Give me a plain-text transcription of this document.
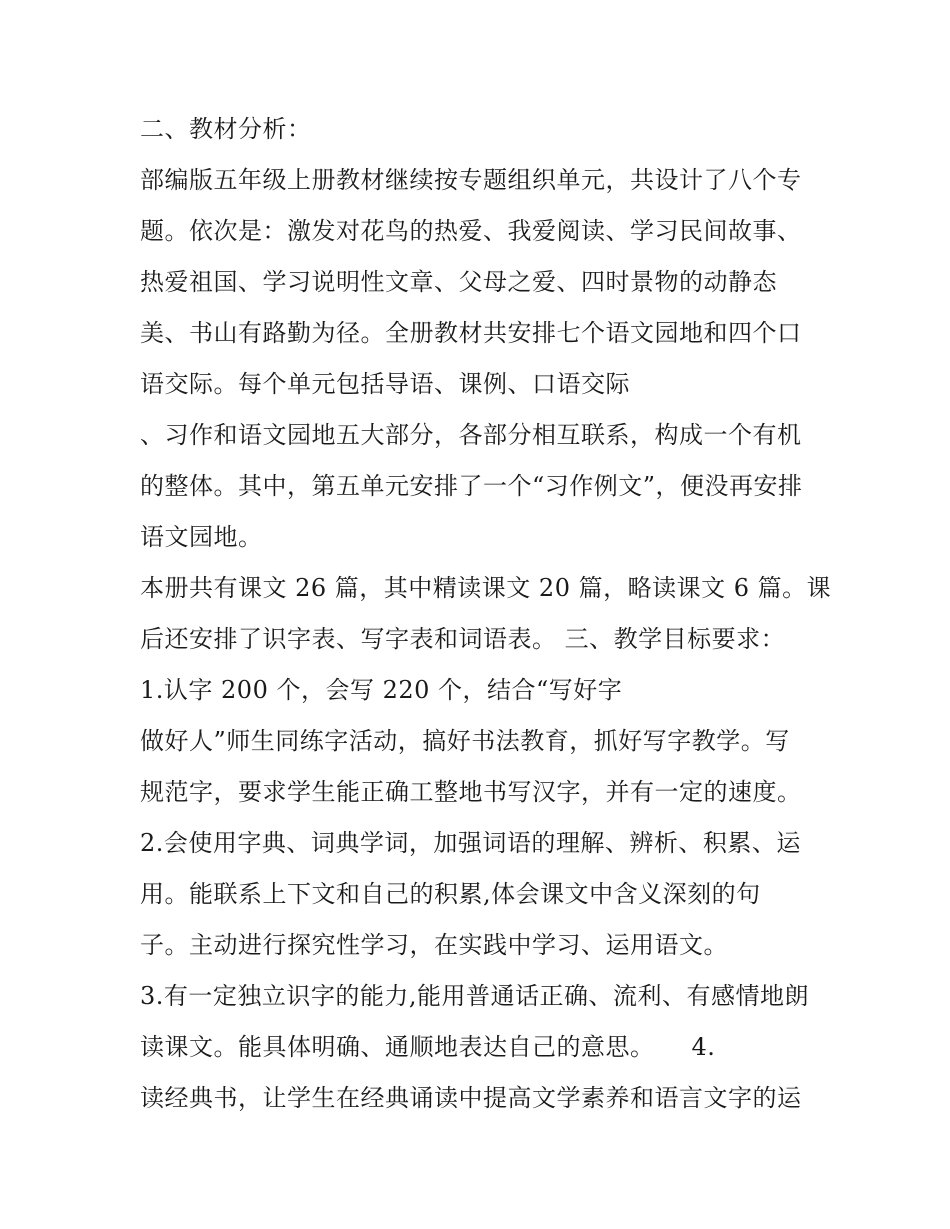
二、教材分析：
部编版五年级上册教材继续按专题组织单元，共设计了八个专
题。依次是：激发对花鸟的热爱、我爱阅读、学习民间故事、
热爱祖国、学习说明性文章、父母之爱、四时景物的动静态
美、书山有路勤为径。全册教材共安排七个语文园地和四个口
语交际。每个单元包括导语、课例、口语交际
、习作和语文园地五大部分，各部分相互联系，构成一个有机
的整体。其中，第五单元安排了一个“习作例文”，便没再安排
语文园地。
本册共有课文 26 篇，其中精读课文 20 篇，略读课文 6 篇。课
后还安排了识字表、写字表和词语表。 三、教学目标要求：
1.认字 200 个，会写 220 个，结合“写好字
做好人”师生同练字活动，搞好书法教育，抓好写字教学。写
规范字，要求学生能正确工整地书写汉字，并有一定的速度。
2.会使用字典、词典学词，加强词语的理解、辨析、积累、运
用。能联系上下文和自己的积累,体会课文中含义深刻的句
子。主动进行探究性学习，在实践中学习、运用语文。
3.有一定独立识字的能力,能用普通话正确、流利、有感情地朗
读课文。能具体明确、通顺地表达自己的意思。　　4.
读经典书，让学生在经典诵读中提高文学素养和语言文字的运
